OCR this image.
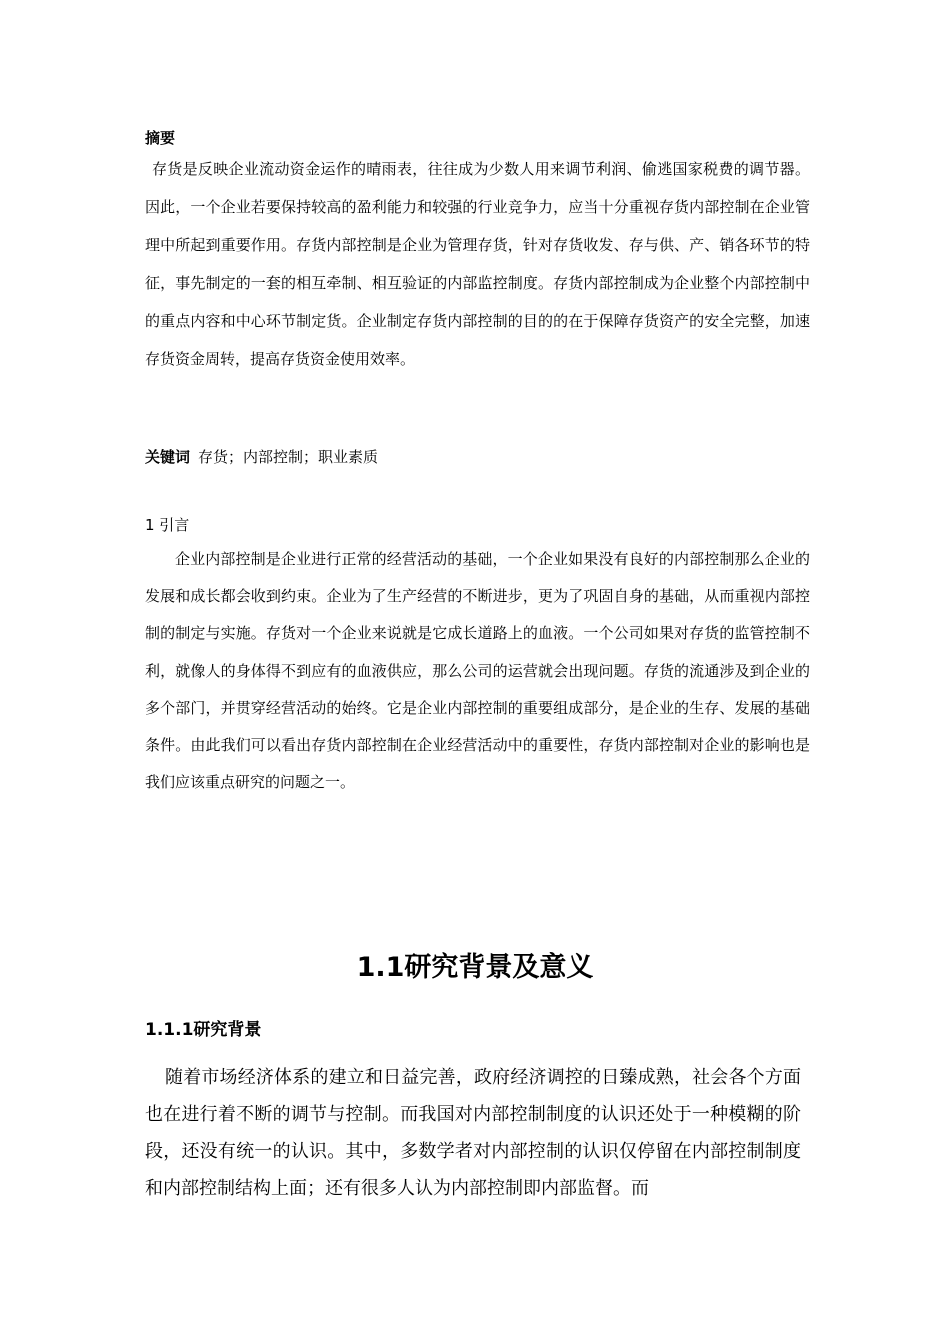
摘要
存货是反映企业流动资金运作的晴雨表，往往成为少数人用来调节利润、偷逃国家税费的调节器。因此，一个企业若要保持较高的盈利能力和较强的行业竞争力，应当十分重视存货内部控制在企业管理中所起到重要作用。存货内部控制是企业为管理存货，针对存货收发、存与供、产、销各环节的特征，事先制定的一套的相互牵制、相互验证的内部监控制度。存货内部控制成为企业整个内部控制中的重点内容和中心环节制定货。企业制定存货内部控制的目的的在于保障存货资产的安全完整，加速存货资金周转，提高存货资金使用效率。
关键词 存货；内部控制；职业素质
1 引言
企业内部控制是企业进行正常的经营活动的基础，一个企业如果没有良好的内部控制那么企业的发展和成长都会收到约束。企业为了生产经营的不断进步，更为了巩固自身的基础，从而重视内部控制的制定与实施。存货对一个企业来说就是它成长道路上的血液。一个公司如果对存货的监管控制不利，就像人的身体得不到应有的血液供应，那么公司的运营就会出现问题。存货的流通涉及到企业的多个部门，并贯穿经营活动的始终。它是企业内部控制的重要组成部分，是企业的生存、发展的基础条件。由此我们可以看出存货内部控制在企业经营活动中的重要性，存货内部控制对企业的影响也是我们应该重点研究的问题之一。
1.1研究背景及意义
1.1.1研究背景
随着市场经济体系的建立和日益完善，政府经济调控的日臻成熟，社会各个方面也在进行着不断的调节与控制。而我国对内部控制制度的认识还处于一种模糊的阶段，还没有统一的认识。其中，多数学者对内部控制的认识仅停留在内部控制制度和内部控制结构上面；还有很多人认为内部控制即内部监督。而
